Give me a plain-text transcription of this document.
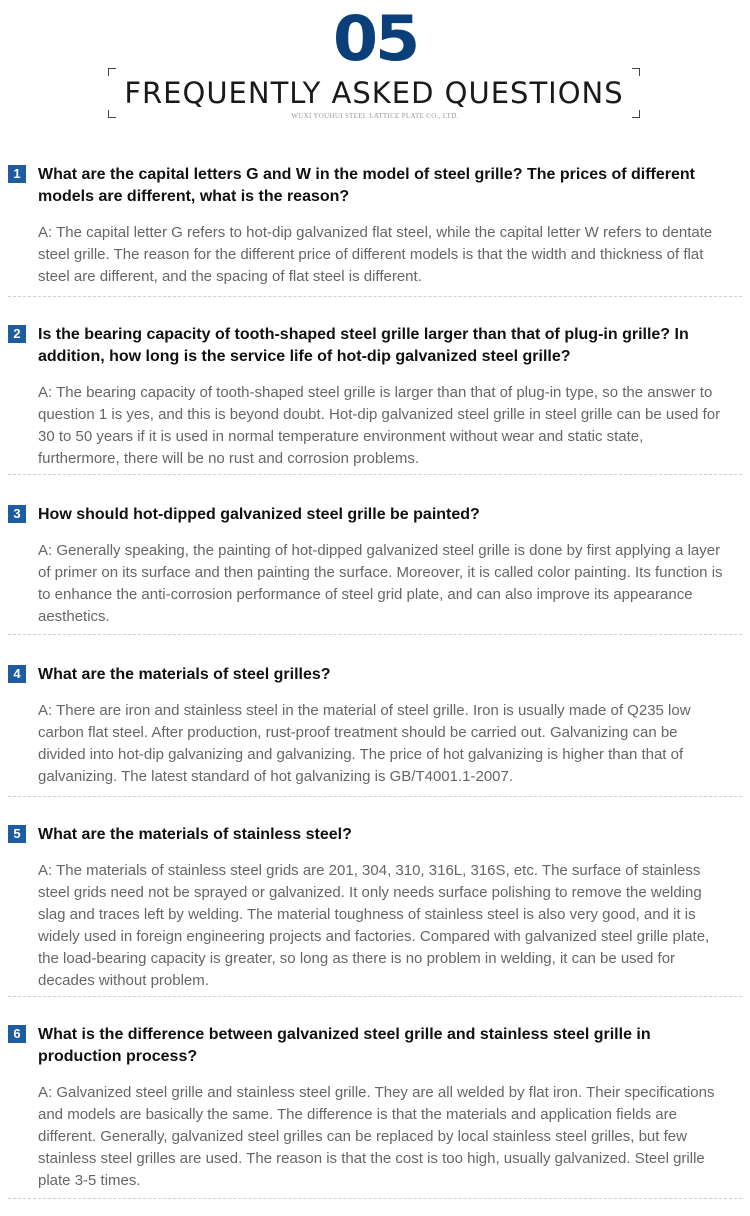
05
FREQUENTLY ASKED QUESTIONS
WUXI YOUHUI STEEL LATTICE PLATE CO., LTD.
1	What are the capital letters G and W in the model of steel grille? The prices of different models are different, what is the reason?

A: The capital letter G refers to hot-dip galvanized flat steel, while the capital letter W refers to dentate steel grille. The reason for the different price of different models is that the width and thickness of flat steel are different, and the spacing of flat steel is different.

2	Is the bearing capacity of tooth-shaped steel grille larger than that of plug-in grille? In addition, how long is the service life of hot-dip galvanized steel grille?

A: The bearing capacity of tooth-shaped steel grille is larger than that of plug-in type, so the answer to question 1 is yes, and this is beyond doubt. Hot-dip galvanized steel grille in steel grille can be used for 30 to 50 years if it is used in normal temperature environment without wear and static state, furthermore, there will be no rust and corrosion problems.

3	How should hot-dipped galvanized steel grille be painted?

A: Generally speaking, the painting of hot-dipped galvanized steel grille is done by first applying a layer of primer on its surface and then painting the surface. Moreover, it is called color painting. Its function is to enhance the anti-corrosion performance of steel grid plate, and can also improve its appearance aesthetics.

4	What are the materials of steel grilles?

A: There are iron and stainless steel in the material of steel grille. Iron is usually made of Q235 low carbon flat steel. After production, rust-proof treatment should be carried out. Galvanizing can be divided into hot-dip galvanizing and galvanizing. The price of hot galvanizing is higher than that of galvanizing. The latest standard of hot galvanizing is GB/T4001.1-2007.

5	What are the materials of stainless steel?

A: The materials of stainless steel grids are 201, 304, 310, 316L, 316S, etc. The surface of stainless steel grids need not be sprayed or galvanized. It only needs surface polishing to remove the welding slag and traces left by welding. The material toughness of stainless steel is also very good, and it is widely used in foreign engineering projects and factories. Compared with galvanized steel grille plate, the load-bearing capacity is greater, so long as there is no problem in welding, it can be used for decades without problem.

6	What is the difference between galvanized steel grille and stainless steel grille in production process?

A: Galvanized steel grille and stainless steel grille. They are all welded by flat iron. Their specifications and models are basically the same. The difference is that the materials and application fields are different. Generally, galvanized steel grilles can be replaced by local stainless steel grilles, but few stainless steel grilles are used. The reason is that the cost is too high, usually galvanized. Steel grille plate 3-5 times.
